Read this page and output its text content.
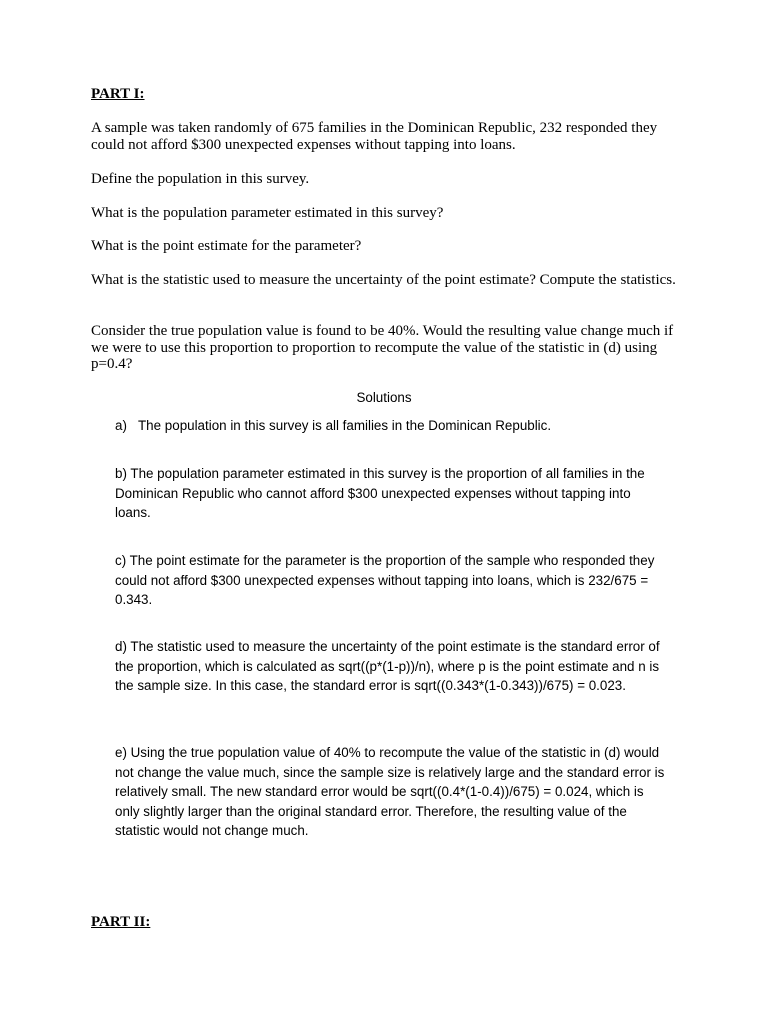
PART I:

A sample was taken randomly of 675 families in the Dominican Republic, 232 responded they could not afford $300 unexpected expenses without tapping into loans.

Define the population in this survey.

What is the population parameter estimated in this survey?

What is the point estimate for the parameter?

What is the statistic used to measure the uncertainty of the point estimate? Compute the statistics.

Consider the true population value is found to be 40%. Would the resulting value change much if we were to use this proportion to proportion to recompute the value of the statistic in (d) using p=0.4?

Solutions

a) The population in this survey is all families in the Dominican Republic.

b) The population parameter estimated in this survey is the proportion of all families in the Dominican Republic who cannot afford $300 unexpected expenses without tapping into loans.

c) The point estimate for the parameter is the proportion of the sample who responded they could not afford $300 unexpected expenses without tapping into loans, which is 232/675 = 0.343.

d) The statistic used to measure the uncertainty of the point estimate is the standard error of the proportion, which is calculated as sqrt((p*(1-p))/n), where p is the point estimate and n is the sample size. In this case, the standard error is sqrt((0.343*(1-0.343))/675) = 0.023.

e) Using the true population value of 40% to recompute the value of the statistic in (d) would not change the value much, since the sample size is relatively large and the standard error is relatively small. The new standard error would be sqrt((0.4*(1-0.4))/675) = 0.024, which is only slightly larger than the original standard error. Therefore, the resulting value of the statistic would not change much.

PART II:
